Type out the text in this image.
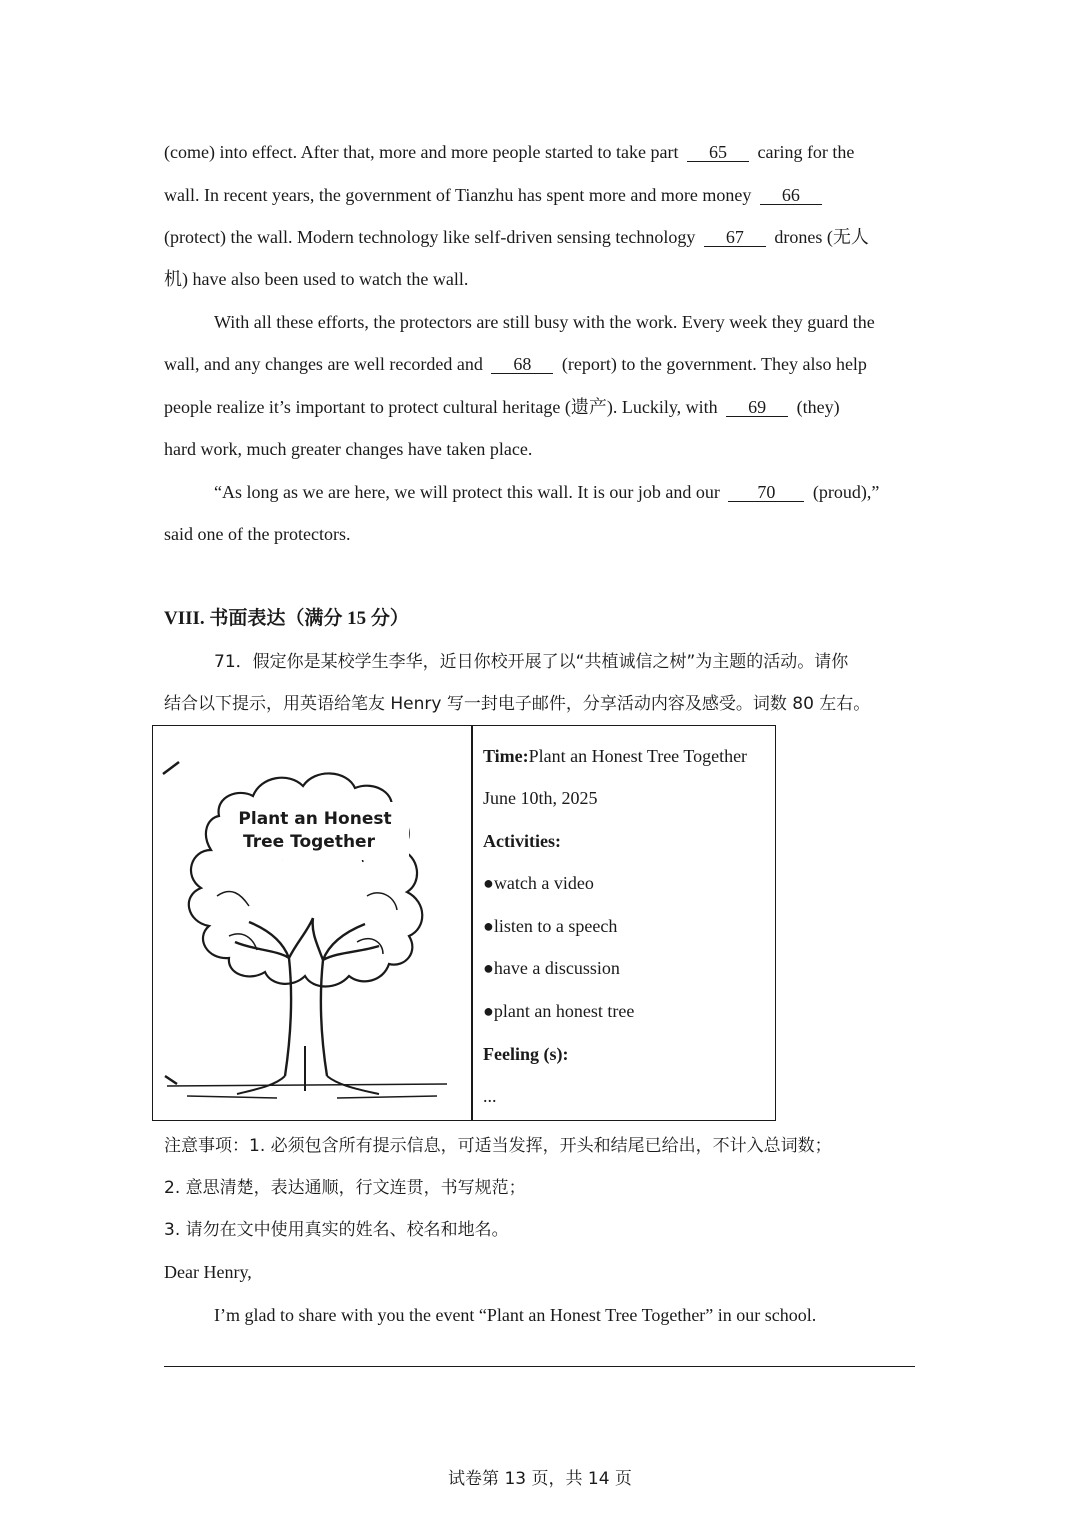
(come) into effect. After that, more and more people started to take part 65 caring for the
wall. In recent years, the government of Tianzhu has spent more and more money 66
(protect) the wall. Modern technology like self-driven sensing technology 67 drones (无人
机) have also been used to watch the wall.
With all these efforts, the protectors are still busy with the work. Every week they guard the
wall, and any changes are well recorded and 68 (report) to the government. They also help
people realize it’s important to protect cultural heritage (遗产). Luckily, with 69 (they)
hard work, much greater changes have taken place.
“As long as we are here, we will protect this wall. It is our job and our 70 (proud),”
said one of the protectors.
VIII. 书面表达（满分 15 分）
71．假定你是某校学生李华，近日你校开展了以“共植诚信之树”为主题的活动。请你
结合以下提示，用英语给笔友 Henry 写一封电子邮件，分享活动内容及感受。词数 80 左右。
Plant an Honest
Tree Together
Time:Plant an Honest Tree Together
June 10th, 2025
Activities:
●watch a video
●listen to a speech
●have a discussion
●plant an honest tree
Feeling (s):
...
注意事项：1. 必须包含所有提示信息，可适当发挥，开头和结尾已给出，不计入总词数；
2. 意思清楚，表达通顺，行文连贯，书写规范；
3. 请勿在文中使用真实的姓名、校名和地名。
Dear Henry,
I’m glad to share with you the event “Plant an Honest Tree Together” in our school.
试卷第 13 页，共 14 页
